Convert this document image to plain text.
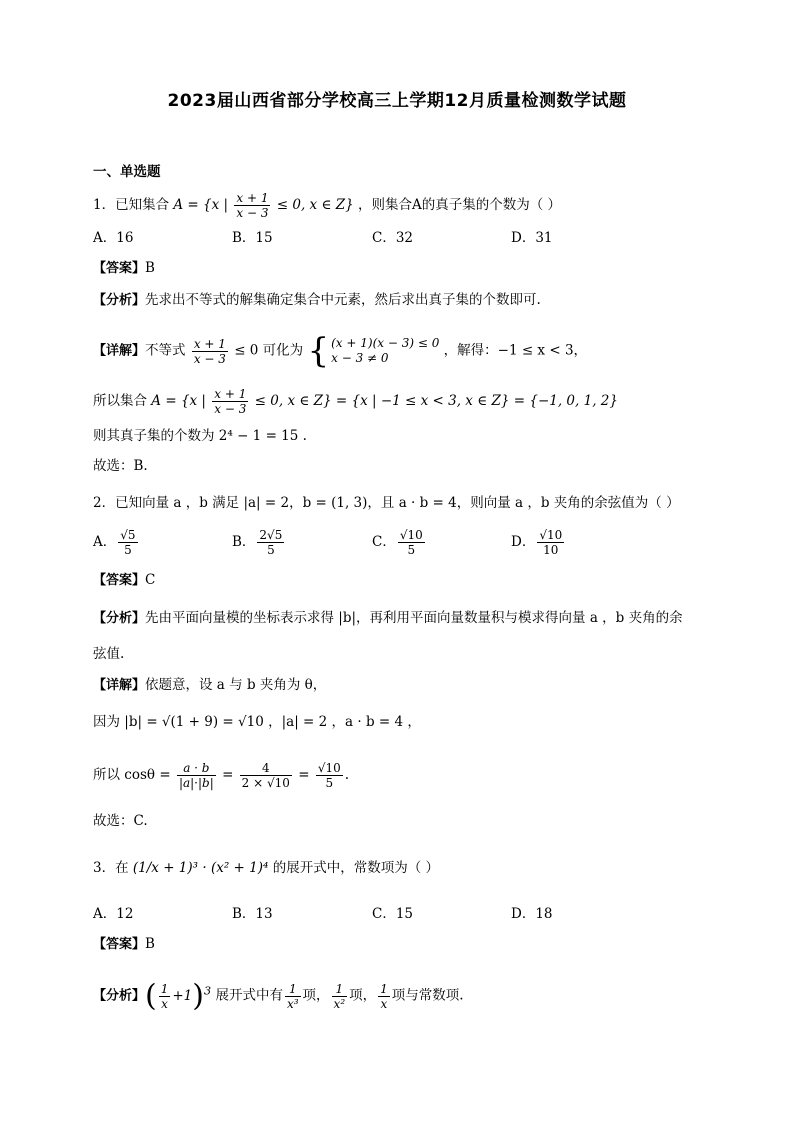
2023届山西省部分学校高三上学期12月质量检测数学试题
一、单选题
1．已知集合 A = {x | $\frac{x + 1}{x - 3} \le 0$, x ∈ Z} ，则集合A的真子集的个数为（ ）
A．16	B．15	C．32	D．31
【答案】B
【分析】先求出不等式的解集确定集合中元素，然后求出真子集的个数即可.
【详解】不等式 $\frac{x + 1}{x - 3} \le 0$ 可化为 { (x + 1)(x − 3) ≤ 0
x − 3 ≠ 0	，解得：−1 ≤ x < 3，
所以集合 A = {x | $\frac{x + 1}{x - 3} \le 0$, x ∈ Z} = {x | −1 ≤ x < 3, x ∈ Z} = {−1, 0, 1, 2}
则其真子集的个数为 2⁴ − 1 = 15 .
故选：B.
2．已知向量 a ，b 满足 |a| = 2，b = (1, 3)，且 a · b = 4，则向量 a ，b 夹角的余弦值为（ ）
A． $\frac{√5}{5}$	B． $\frac{2√5}{5}$	C． $\frac{√10}{5}$	D． $\frac{√10}{10}$
【答案】C
【分析】先由平面向量模的坐标表示求得 |b|，再利用平面向量数量积与模求得向量 a ，b 夹角的余
弦值.
【详解】依题意，设 a 与 b 夹角为 θ，
因为 |b| = √(1 + 9) = √10 ，|a| = 2 ，a · b = 4 ，
所以 $\cos\theta = \frac{a \cdot b}{|a|\cdot|b|} = \frac{4}{2 \times √10} = \frac{√10}{5}$ .
故选：C.
3．在 (1/x + 1)³ · (x² + 1)⁴ 的展开式中，常数项为（ ）
A．12	B．13	C．15	D．18
【答案】B
【分析】( $\frac{1}{x} +1)^3$ 展开式中有 $\frac{1}{\text{x³}}$ 项， $\frac{1}{\text{x²}}$ 项， $\frac{1}{x}$ 项与常数项.
